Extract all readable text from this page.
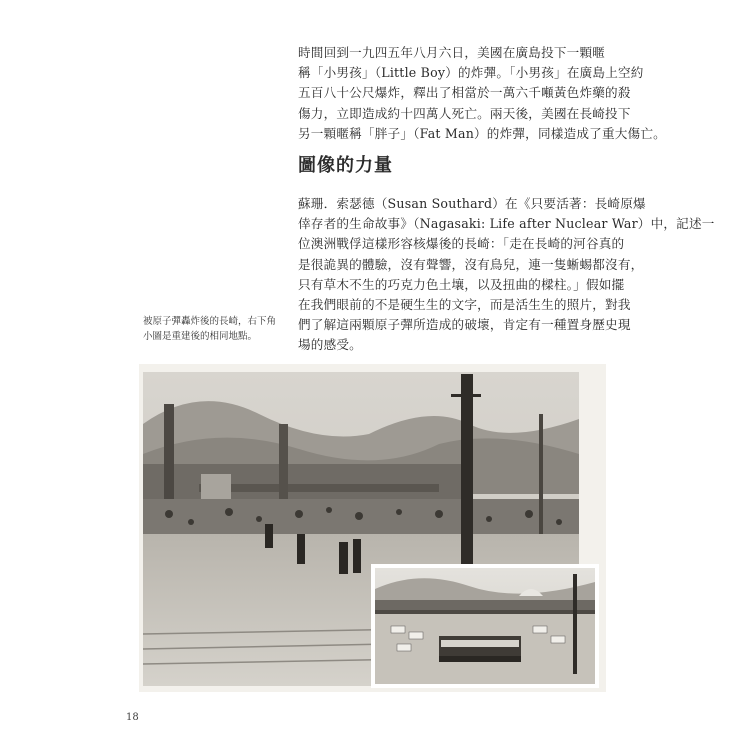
時間回到一九四五年八月六日，美國在廣島投下一顆暱
稱「小男孩」（Little Boy）的炸彈。「小男孩」在廣島上空約
五百八十公尺爆炸，釋出了相當於一萬六千噸黃色炸藥的殺
傷力，立即造成約十四萬人死亡。兩天後，美國在長崎投下
另一顆暱稱「胖子」（Fat Man）的炸彈，同樣造成了重大傷亡。
圖像的力量
蘇珊．索瑟德（Susan Southard）在《只要活著：長崎原爆
倖存者的生命故事》（Nagasaki: Life after Nuclear War）中，記述一
位澳洲戰俘這樣形容核爆後的長崎：「走在長崎的河谷真的
是很詭異的體驗，沒有聲響，沒有鳥兒，連一隻蜥蜴都沒有，
只有草木不生的巧克力色土壤，以及扭曲的樑柱。」假如擺
在我們眼前的不是硬生生的文字，而是活生生的照片，對我
們了解這兩顆原子彈所造成的破壞，肯定有一種置身歷史現
場的感受。
被原子彈轟炸後的長崎，右下角
小圖是重建後的相同地點。
18
